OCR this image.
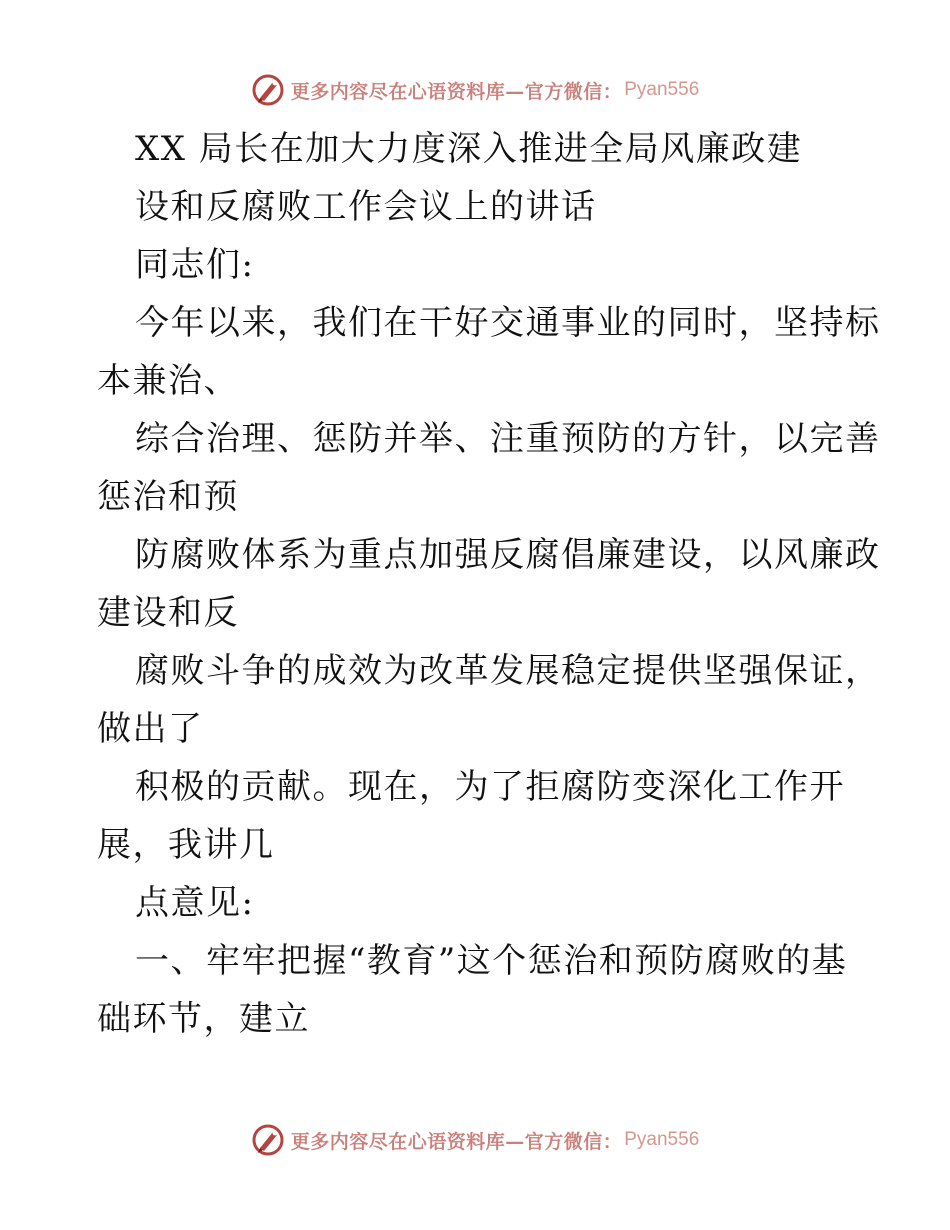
更多内容尽在心语资料库—官方微信： Pyan556
XX 局长在加大力度深入推进全局风廉政建
设和反腐败工作会议上的讲话
同志们:
今年以来，我们在干好交通事业的同时，坚持标
本兼治、
综合治理、惩防并举、注重预防的方针，以完善
惩治和预
防腐败体系为重点加强反腐倡廉建设，以风廉政
建设和反
腐败斗争的成效为改革发展稳定提供坚强保证，
做出了
积极的贡献。现在，为了拒腐防变深化工作开
展，我讲几
点意见:
一、牢牢把握“教育”这个惩治和预防腐败的基
础环节，建立
更多内容尽在心语资料库—官方微信： Pyan556
